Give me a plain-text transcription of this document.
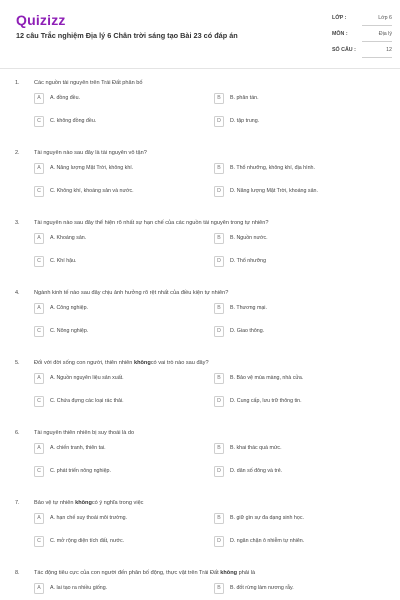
Quizizz
12 câu Trắc nghiệm Địa lý 6 Chân trời sáng tạo Bài 23 có đáp án
LỚP :	Lớp 6
MÔN :	Địa lý
SỐ CÂU :	12
1.	Các nguồn tài nguyên trên Trái Đất phân bố
A	A. đồng đều.	B	B. phân tán.
C	C. không đồng đều.	D	D. tập trung.
2.	Tài nguyên nào sau đây là tài nguyên vô tận?
A	A. Năng lượng Mặt Trời, không khí.	B	B. Thổ nhưỡng, không khí, địa hình.
C	C. Không khí, khoáng sản và nước.	D	D. Năng lượng Mặt Trời, khoáng sản.
3.	Tài nguyên nào sau đây thể hiện rõ nhất sự hạn chế của các nguồn tài nguyên trong tự nhiên?
A	A. Khoáng sản.	B	B. Nguồn nước.
C	C. Khí hậu.	D	D. Thổ nhưỡng
4.	Ngành kinh tế nào sau đây chịu ảnh hưởng rõ rệt nhất của điều kiện tự nhiên?
A	A. Công nghiệp.	B	B. Thương mại.
C	C. Nông nghiệp.	D	D. Giao thông.
5.	Đối với đời sống con người, thiên nhiên khôngcó vai trò nào sau đây?
A	A. Nguồn nguyên liệu sản xuất.	B	B. Bảo vệ mùa màng, nhà cửa.
C	C. Chứa đựng các loại rác thải.	D	D. Cung cấp, lưu trữ thông tin.
6.	Tài nguyên thiên nhiên bị suy thoái là do
A	A. chiến tranh, thiên tai.	B	B. khai thác quá mức.
C	C. phát triển nông nghiệp.	D	D. dân số đông và trẻ.
7.	Bảo vệ tự nhiên khôngcó ý nghĩa trong việc
A	A. hạn chế suy thoái môi trường.	B	B. giữ gìn sự đa dạng sinh học.
C	C. mở rộng diện tích đất, nước.	D	D. ngăn chặn ô nhiễm tự nhiên.
8.	Tác động tiêu cực của con người đến phân bố động, thực vật trên Trái Đất không phải là
A	A. lai tạo ra nhiều giống.	B	B. đốt rừng làm nương rẫy.
